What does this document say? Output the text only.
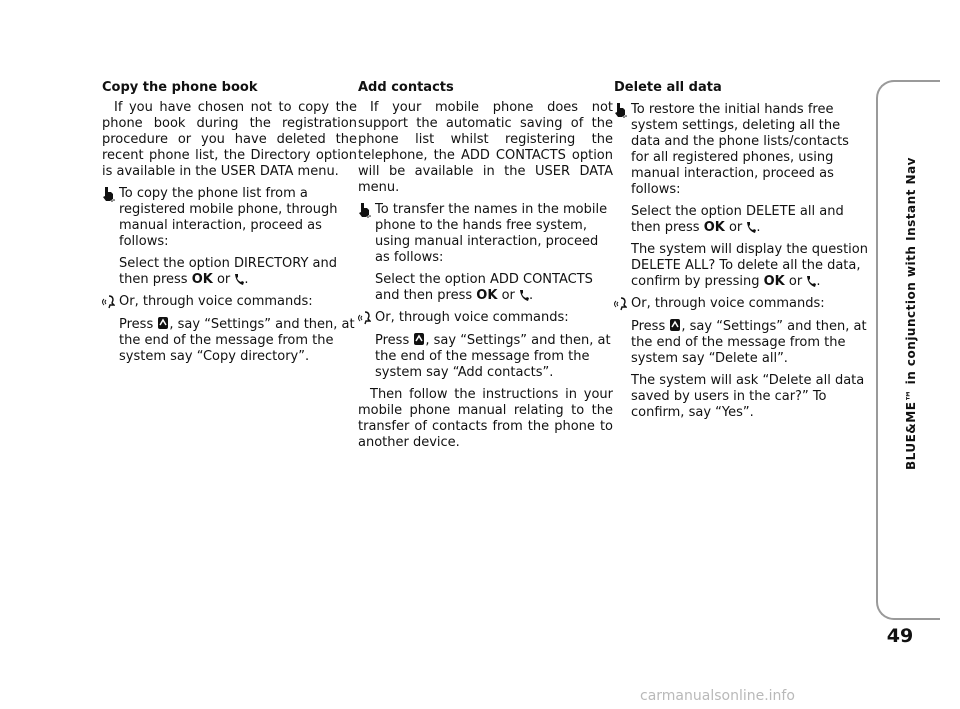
Copy the phone book
If you have chosen not to copy the phone book during the registration procedure or you have deleted the recent phone list, the Directory option is available in the USER DATA menu.
To copy the phone list from a registered mobile phone, through manual interaction, proceed as follows:
Select the option DIRECTORY and then press OK or .
Or, through voice commands:
Press , say “Settings” and then, at the end of the message from the system say “Copy directory”.
Add contacts
If your mobile phone does not support the automatic saving of the phone list whilst registering the telephone, the ADD CONTACTS option will be available in the USER DATA menu.
To transfer the names in the mobile phone to the hands free system, using manual interaction, proceed as follows:
Select the option ADD CONTACTS and then press OK or .
Or, through voice commands:
Press , say “Settings” and then, at the end of the message from the system say “Add contacts”.
Then follow the instructions in your mobile phone manual relating to the transfer of contacts from the phone to another device.
Delete all data
To restore the initial hands free system settings, deleting all the data and the phone lists/contacts for all registered phones, using manual interaction, proceed as follows:
Select the option DELETE all and then press OK or .
The system will display the question DELETE ALL? To delete all the data, confirm by pressing OK or .
Or, through voice commands:
Press , say “Settings” and then, at the end of the message from the system say “Delete all”.
The system will ask “Delete all data saved by users in the car?” To confirm, say “Yes”.	BLUE&ME™ in conjunction with Instant Nav
49
carmanualsonline.info
